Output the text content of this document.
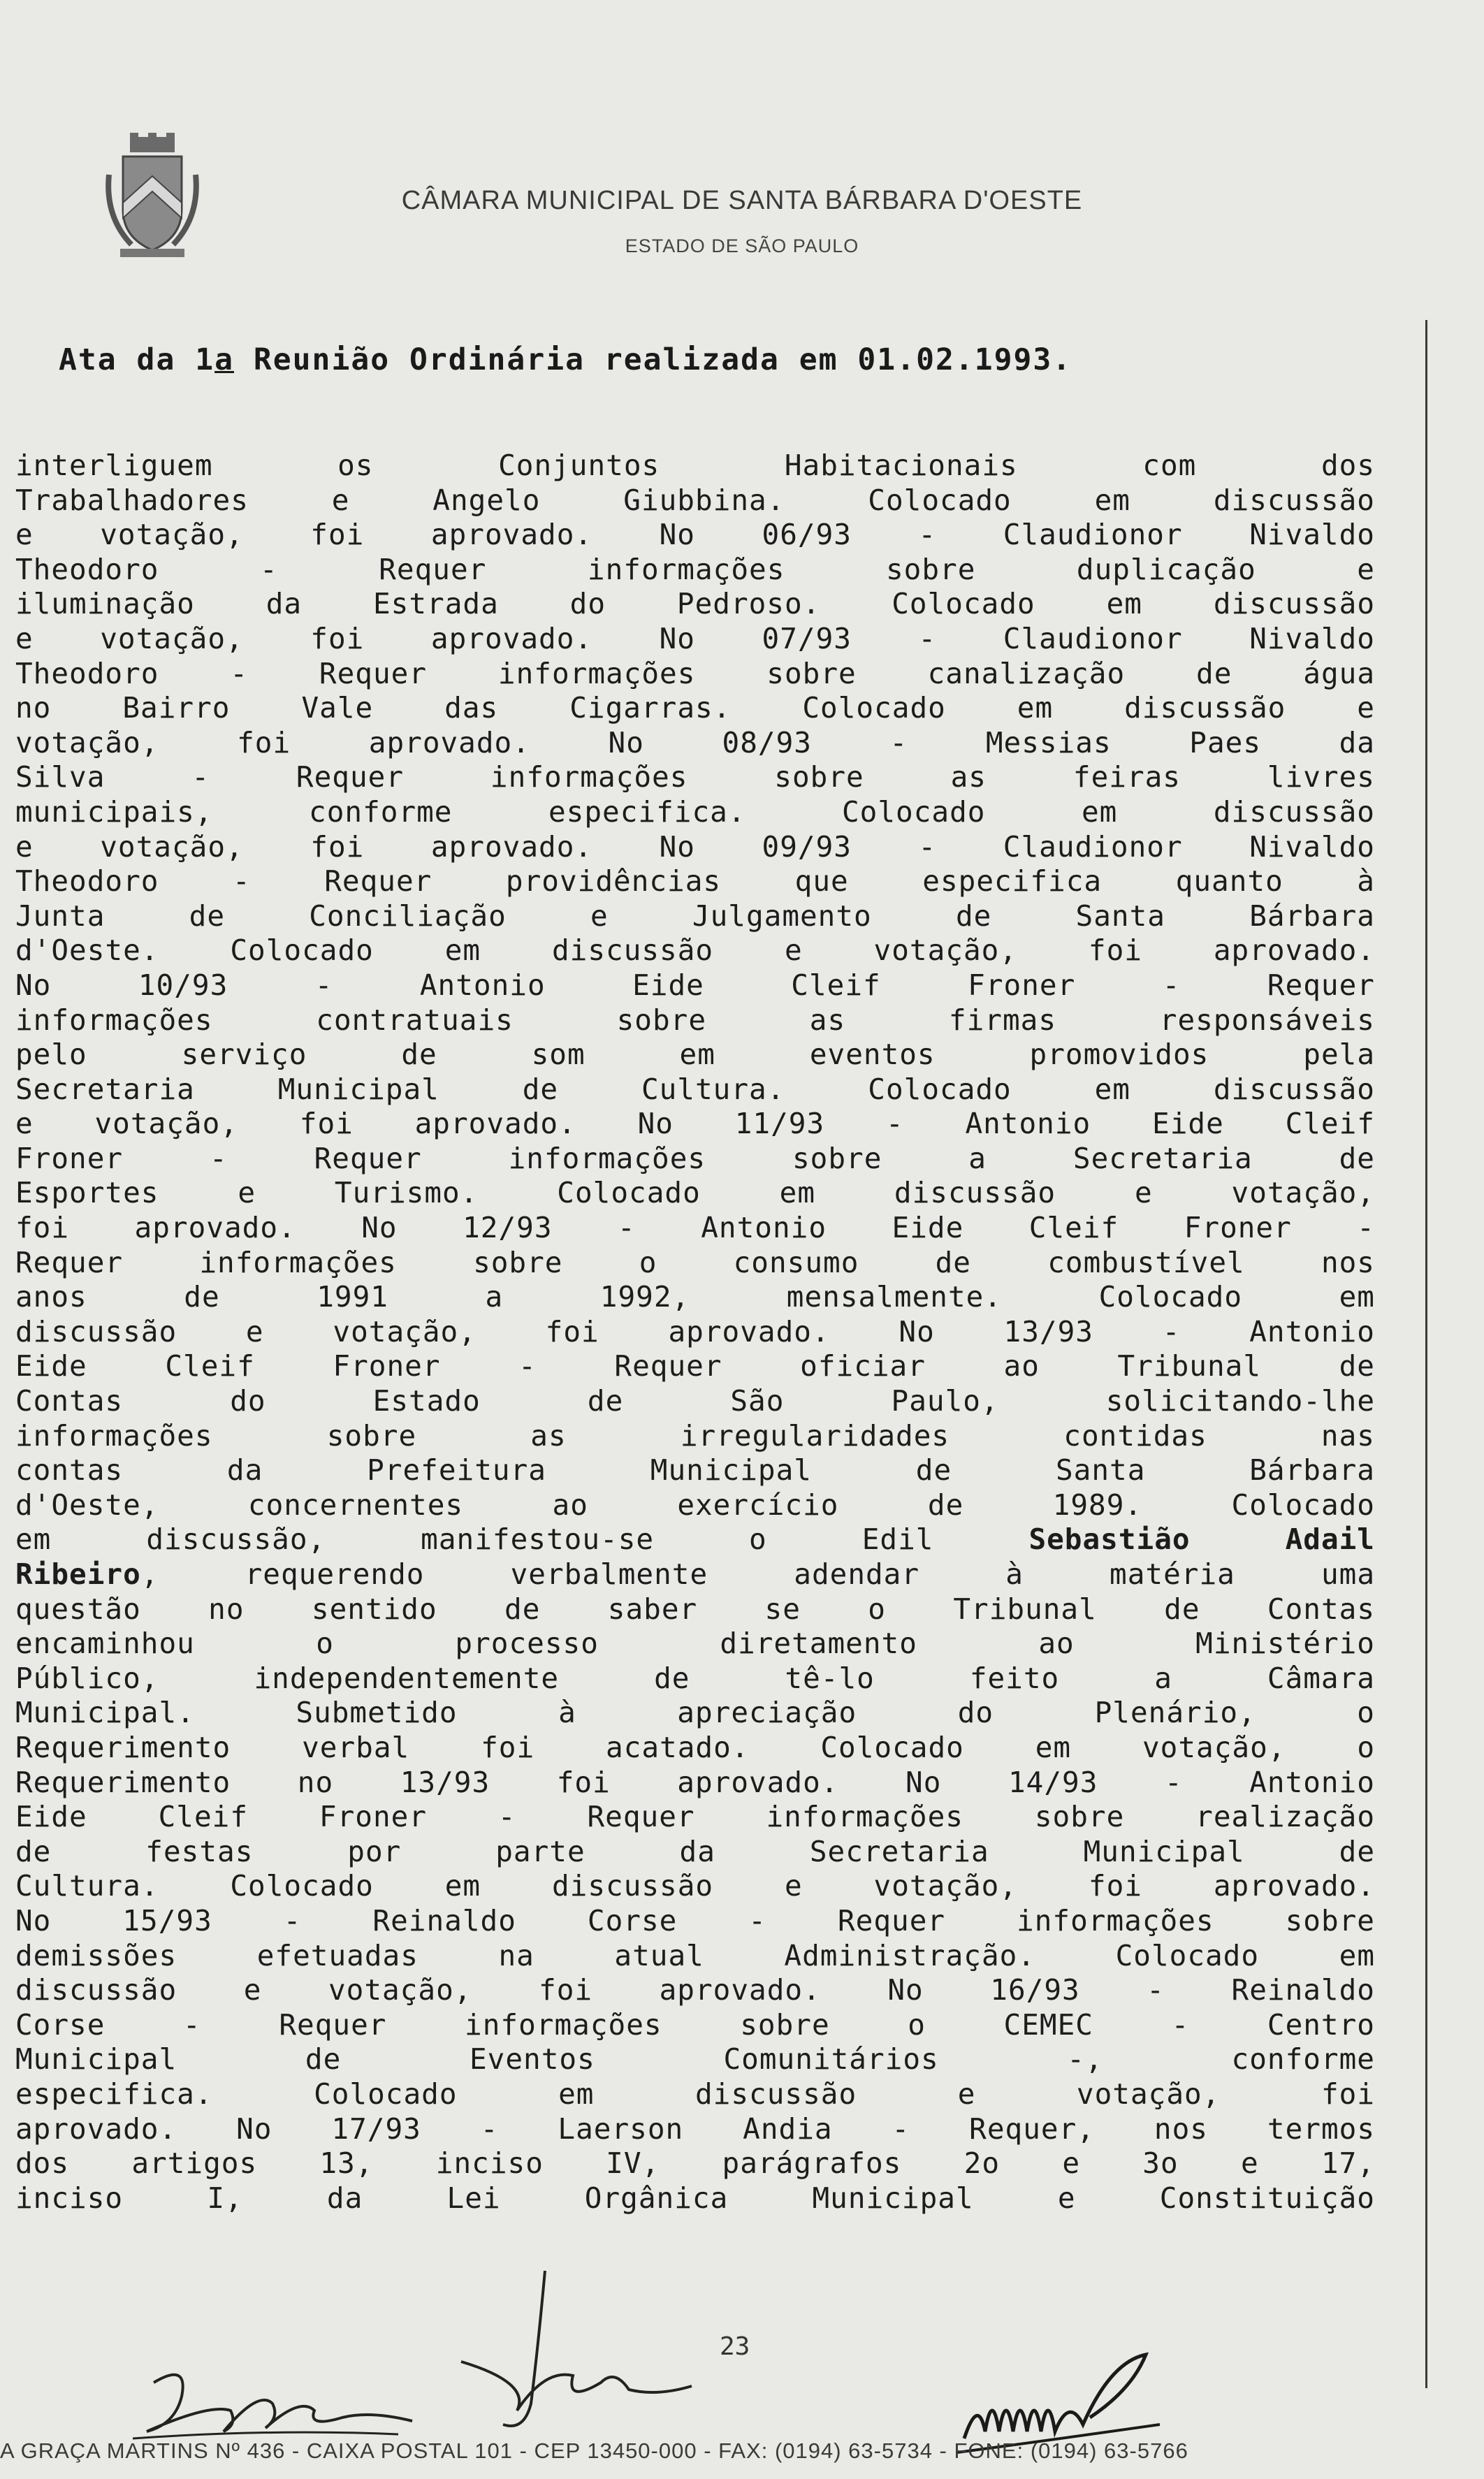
CÂMARA MUNICIPAL DE SANTA BÁRBARA D'OESTE

ESTADO DE SÃO PAULO
Ata da 1a Reunião Ordinária realizada em 01.02.1993.
interliguem os Conjuntos Habitacionais com dos
Trabalhadores e Angelo Giubbina. Colocado em discussão
e votação, foi aprovado. No 06/93 - Claudionor Nivaldo
Theodoro - Requer informações sobre duplicação e
iluminação da Estrada do Pedroso. Colocado em discussão
e votação, foi aprovado. No 07/93 - Claudionor Nivaldo
Theodoro - Requer informações sobre canalização de água
no Bairro Vale das Cigarras. Colocado em discussão e
votação, foi aprovado. No 08/93 - Messias Paes da
Silva - Requer informações sobre as feiras livres
municipais, conforme especifica. Colocado em discussão
e votação, foi aprovado. No 09/93 - Claudionor Nivaldo
Theodoro - Requer providências que especifica quanto à
Junta de Conciliação e Julgamento de Santa Bárbara
d'Oeste. Colocado em discussão e votação, foi aprovado.
No 10/93 - Antonio Eide Cleif Froner - Requer
informações contratuais sobre as firmas responsáveis
pelo serviço de som em eventos promovidos pela
Secretaria Municipal de Cultura. Colocado em discussão
e votação, foi aprovado. No 11/93 - Antonio Eide Cleif
Froner - Requer informações sobre a Secretaria de
Esportes e Turismo. Colocado em discussão e votação,
foi aprovado. No 12/93 - Antonio Eide Cleif Froner -
Requer informações sobre o consumo de combustível nos
anos de 1991 a 1992, mensalmente. Colocado em
discussão e votação, foi aprovado. No 13/93 - Antonio
Eide Cleif Froner - Requer oficiar ao Tribunal de
Contas do Estado de São Paulo, solicitando-lhe
informações sobre as irregularidades contidas nas
contas da Prefeitura Municipal de Santa Bárbara
d'Oeste, concernentes ao exercício de 1989. Colocado
em discussão, manifestou-se o Edil Sebastião Adail
Ribeiro, requerendo verbalmente adendar à matéria uma
questão no sentido de saber se o Tribunal de Contas
encaminhou o processo diretamento ao Ministério
Público, independentemente de tê-lo feito a Câmara
Municipal. Submetido à apreciação do Plenário, o
Requerimento verbal foi acatado. Colocado em votação, o
Requerimento no 13/93 foi aprovado. No 14/93 - Antonio
Eide Cleif Froner - Requer informações sobre realização
de festas por parte da Secretaria Municipal de
Cultura. Colocado em discussão e votação, foi aprovado.
No 15/93 - Reinaldo Corse - Requer informações sobre
demissões efetuadas na atual Administração. Colocado em
discussão e votação, foi aprovado. No 16/93 - Reinaldo
Corse - Requer informações sobre o CEMEC - Centro
Municipal de Eventos Comunitários -, conforme
especifica. Colocado em discussão e votação, foi
aprovado. No 17/93 - Laerson Andia - Requer, nos termos
dos artigos 13, inciso IV, parágrafos 2o e 3o e 17,
inciso I, da Lei Orgânica Municipal e Constituição
23
A GRAÇA MARTINS Nº 436 - CAIXA POSTAL 101 - CEP 13450-000 - FAX: (0194) 63-5734 - FONE: (0194) 63-5766
